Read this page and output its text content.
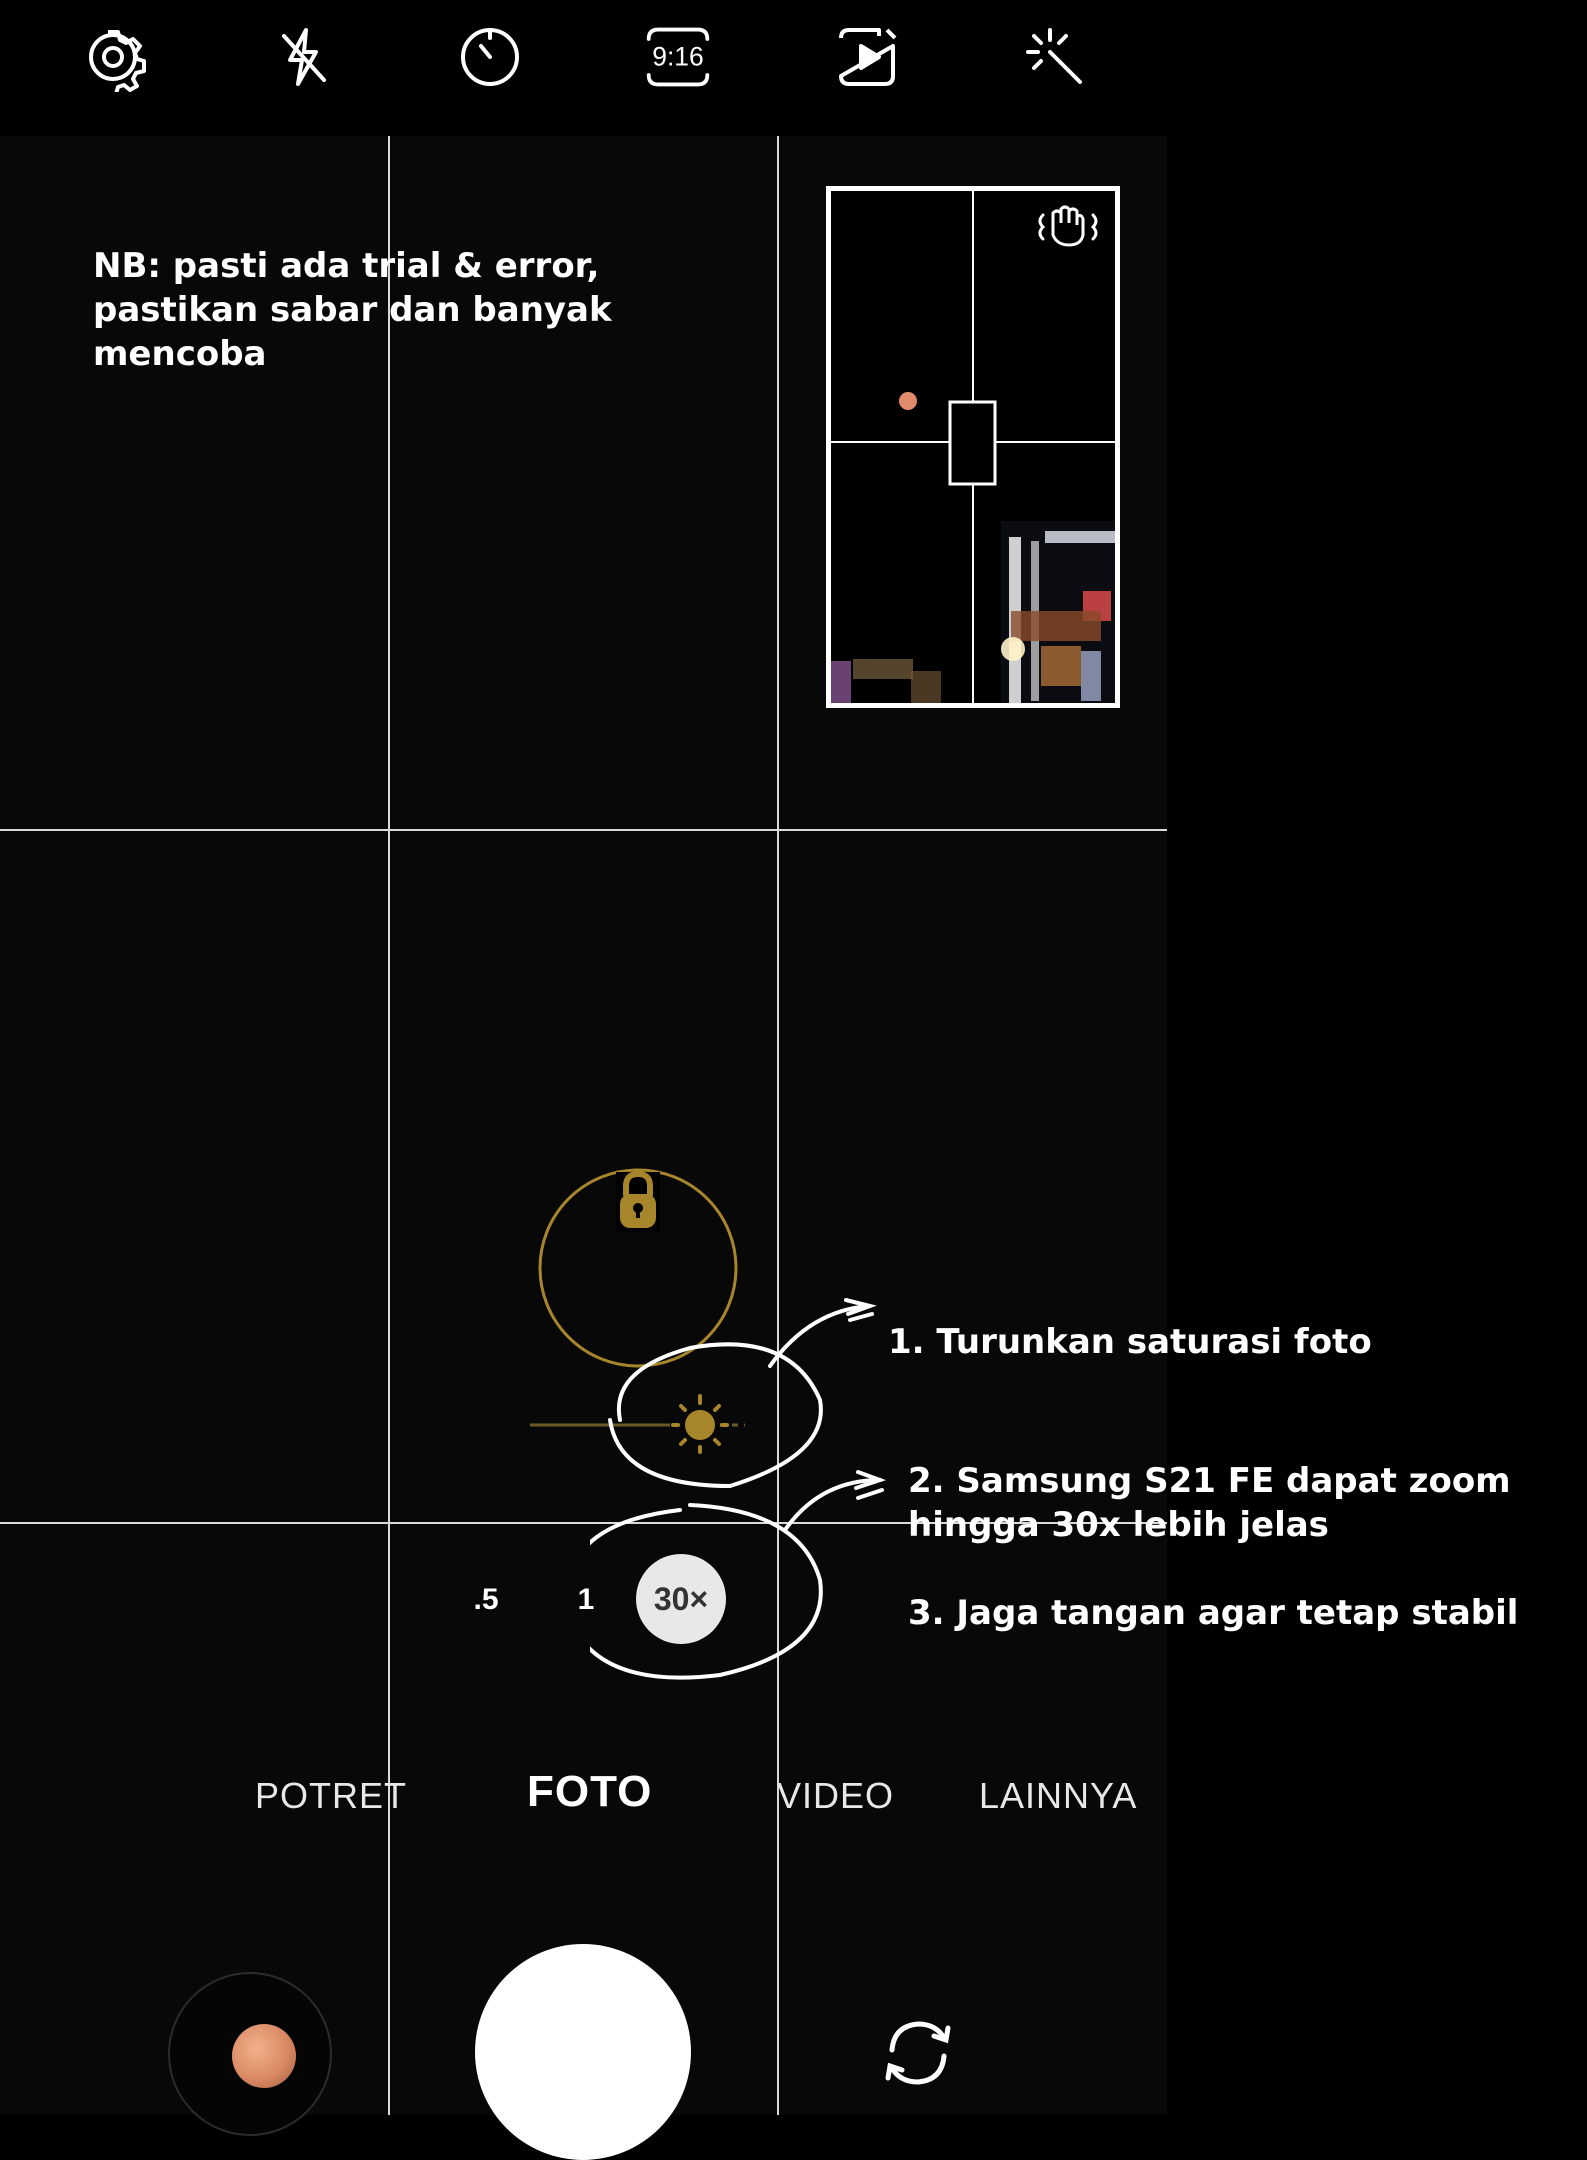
9:16

NB: pasti ada trial & error, pastikan sabar dan banyak mencoba

1. Turunkan saturasi foto

2. Samsung S21 FE dapat zoom

hingga 30x lebih jelas

3. Jaga tangan agar tetap stabil

.5	1	30×
POTRET	FOTO	VIDEO LAINNYA
